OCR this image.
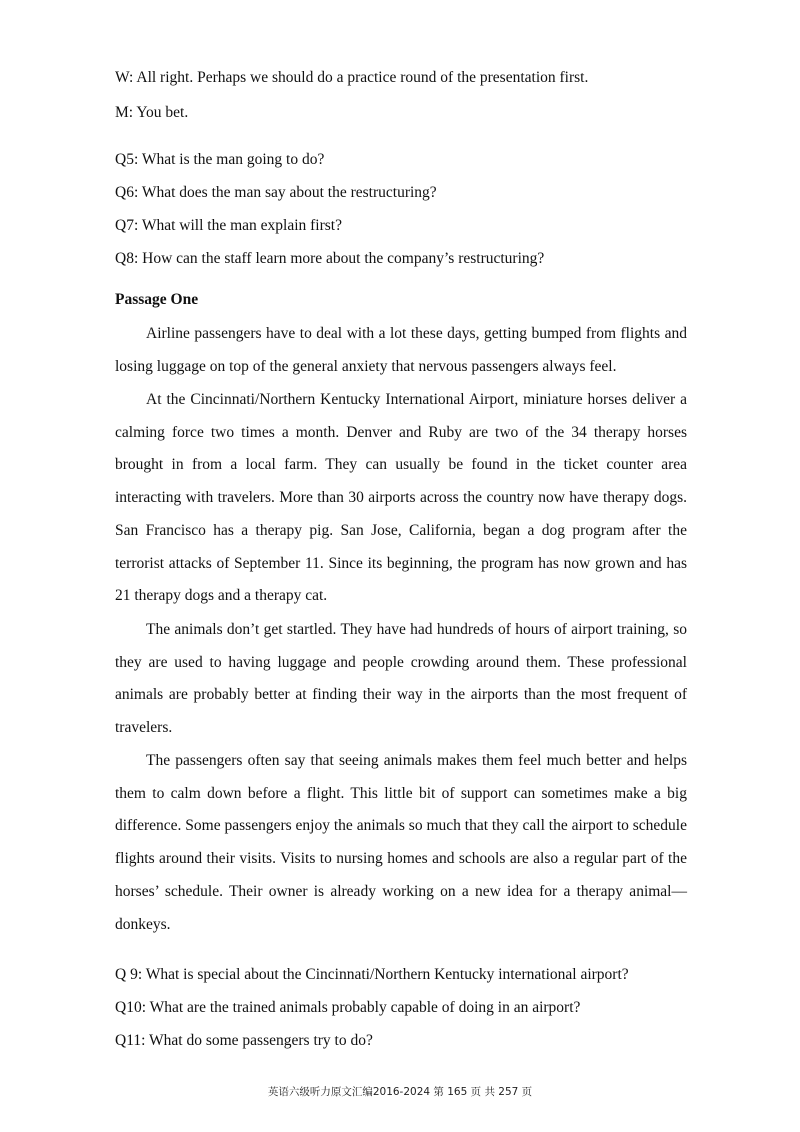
W: All right. Perhaps we should do a practice round of the presentation first.

M: You bet.

Q5: What is the man going to do?

Q6: What does the man say about the restructuring?

Q7: What will the man explain first?

Q8: How can the staff learn more about the company’s restructuring?

Passage One

Airline passengers have to deal with a lot these days, getting bumped from flights and losing luggage on top of the general anxiety that nervous passengers always feel.

At the Cincinnati/Northern Kentucky International Airport, miniature horses deliver a calming force two times a month. Denver and Ruby are two of the 34 therapy horses brought in from a local farm. They can usually be found in the ticket counter area interacting with travelers. More than 30 airports across the country now have therapy dogs. San Francisco has a therapy pig. San Jose, California, began a dog program after the terrorist attacks of September 11. Since its beginning, the program has now grown and has 21 therapy dogs and a therapy cat.

The animals don’t get startled. They have had hundreds of hours of airport training, so they are used to having luggage and people crowding around them. These professional animals are probably better at finding their way in the airports than the most frequent of travelers.

The passengers often say that seeing animals makes them feel much better and helps them to calm down before a flight. This little bit of support can sometimes make a big difference. Some passengers enjoy the animals so much that they call the airport to schedule flights around their visits. Visits to nursing homes and schools are also a regular part of the horses’ schedule. Their owner is already working on a new idea for a therapy animal—donkeys.

Q 9: What is special about the Cincinnati/Northern Kentucky international airport?

Q10: What are the trained animals probably capable of doing in an airport?

Q11: What do some passengers try to do?

英语六级听力原文汇编2016-2024 第 165 页 共 257 页
